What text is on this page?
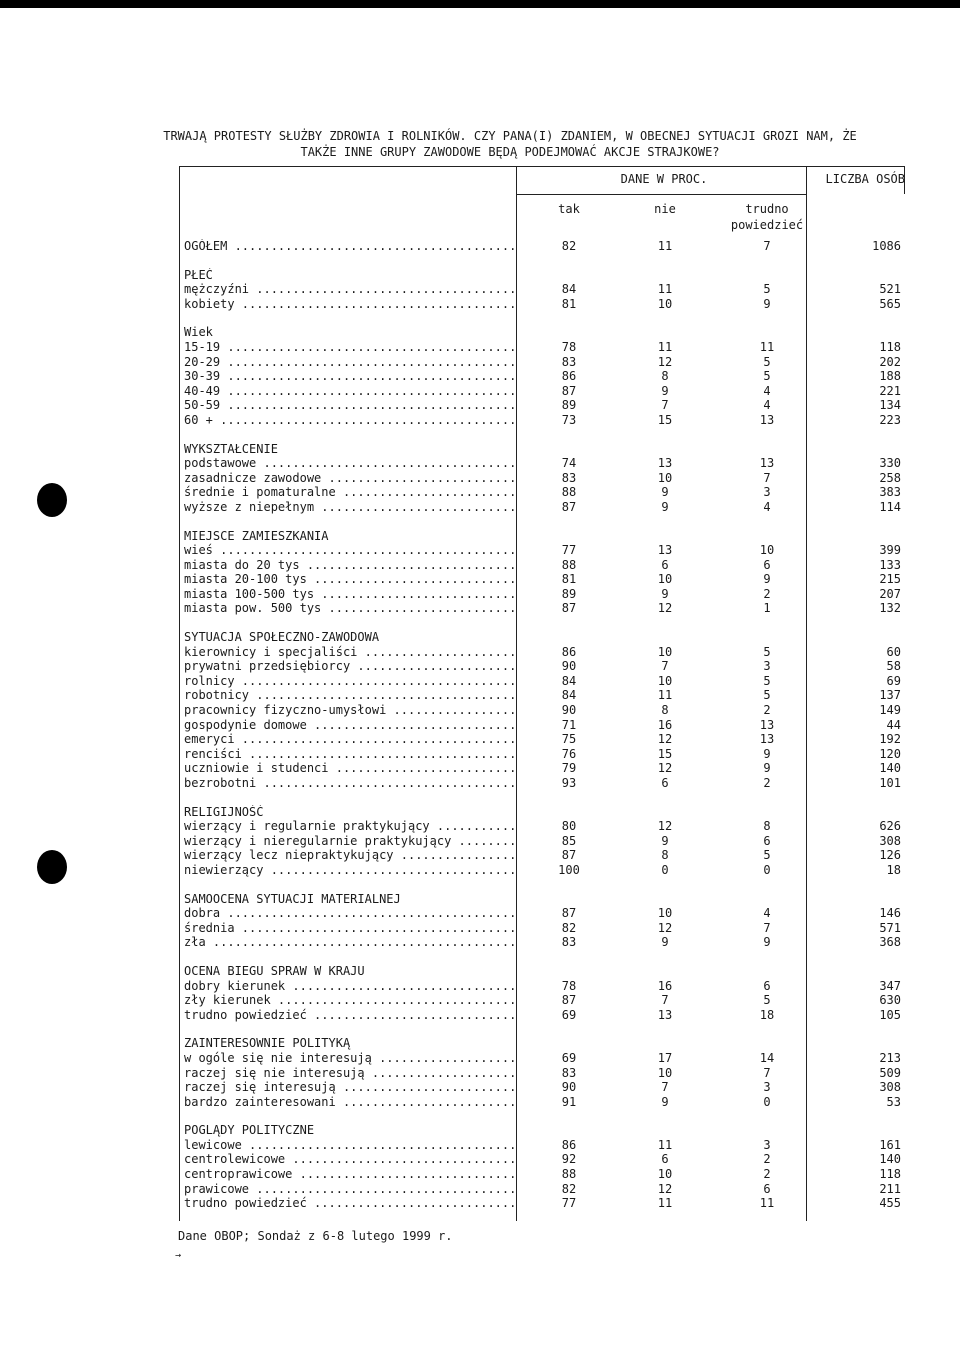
TRWAJĄ PROTESTY SŁUŻBY ZDROWIA I ROLNIKÓW. CZY PANA(I) ZDANIEM, W OBECNEJ SYTUACJI GROZI NAM, ŻE
TAKŻE INNE GRUPY ZAWODOWE BĘDĄ PODEJMOWAĆ AKCJE STRAJKOWE?
DANE W PROC.	LICZBA OSÓB
tak	nie	trudno
powiedzieć
OGÓŁEM .....	82	11	7	1086
PŁEĆ
mężczyźni .....	84	11	5	521
kobiety .....	81	10	9	565
Wiek
15-19 .....	78	11	11	118
20-29 .....	83	12	5	202
30-39 .....	86	8	5	188
40-49 .....	87	9	4	221
50-59 .....	89	7	4	134
60 + .....	73	15	13	223
WYKSZTAŁCENIE
podstawowe .....	74	13	13	330
zasadnicze zawodowe .....	83	10	7	258
średnie i pomaturalne .....	88	9	3	383
wyższe z niepełnym .....	87	9	4	114
MIEJSCE ZAMIESZKANIA
wieś .....	77	13	10	399
miasta do 20 tys .....	88	6	6	133
miasta 20-100 tys .....	81	10	9	215
miasta 100-500 tys .....	89	9	2	207
miasta pow. 500 tys .....	87	12	1	132
SYTUACJA SPOŁECZNO-ZAWODOWA
kierownicy i specjaliści .....	86	10	5	60
prywatni przedsiębiorcy .....	90	7	3	58
rolnicy .....	84	10	5	69
robotnicy .....	84	11	5	137
pracownicy fizyczno-umysłowi .....	90	8	2	149
gospodynie domowe .....	71	16	13	44
emeryci .....	75	12	13	192
renciści .....	76	15	9	120
uczniowie i studenci .....	79	12	9	140
bezrobotni .....	93	6	2	101
RELIGIJNOŚĆ
wierzący i regularnie praktykujący .....	80	12	8	626
wierzący i nieregularnie praktykujący .....	85	9	6	308
wierzący lecz niepraktykujący .....	87	8	5	126
niewierzący .....	100	0	0	18
SAMOOCENA SYTUACJI MATERIALNEJ
dobra .....	87	10	4	146
średnia .....	82	12	7	571
zła .....	83	9	9	368
OCENA BIEGU SPRAW W KRAJU
dobry kierunek .....	78	16	6	347
zły kierunek .....	87	7	5	630
trudno powiedzieć .....	69	13	18	105
ZAINTERESOWNIE POLITYKĄ
w ogóle się nie interesują .....	69	17	14	213
raczej się nie interesują .....	83	10	7	509
raczej się interesują .....	90	7	3	308
bardzo zainteresowani .....	91	9	0	53
POGLĄDY POLITYCZNE
lewicowe .....	86	11	3	161
centrolewicowe .....	92	6	2	140
centroprawicowe .....	88	10	2	118
prawicowe .....	82	12	6	211
trudno powiedzieć .....	77	11	11	455
Dane OBOP; Sondaż z 6-8 lutego 1999 r.
→
